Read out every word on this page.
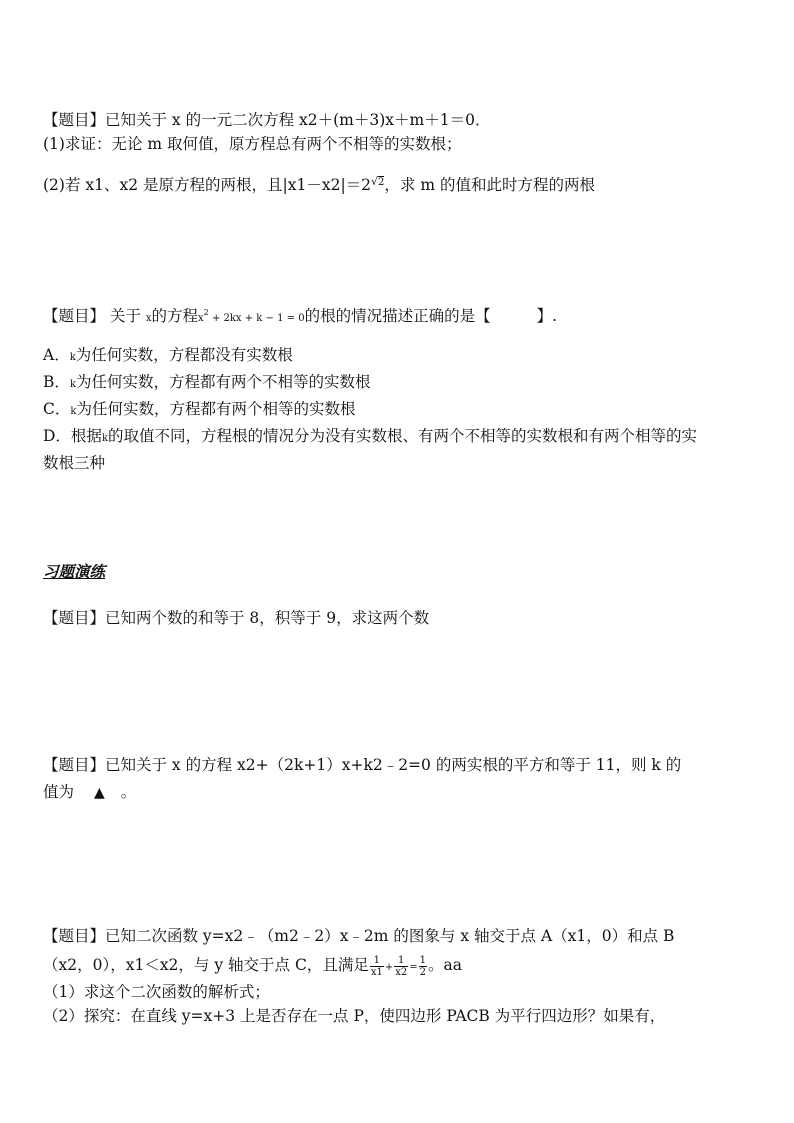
【题目】已知关于 x 的一元二次方程 x2＋(m＋3)x＋m＋1＝0．
(1)求证：无论 m 取何值，原方程总有两个不相等的实数根；
(2)若 x1、x2 是原方程的两根，且$|x1-x2|=2^{√2}$，求 m 的值和此时方程的两根
【题目】 关于 x的方程$x^2 + 2kx + k - 1 = 0$的根的情况描述正确的是【	】.
A．k为任何实数，方程都没有实数根
B．k为任何实数，方程都有两个不相等的实数根
C．k为任何实数，方程都有两个相等的实数根
D．根据k的取值不同，方程根的情况分为没有实数根、有两个不相等的实数根和有两个相等的实
数根三种
习题演练
【题目】已知两个数的和等于 8，积等于 9，求这两个数
【题目】已知关于 x 的方程 x2+（2k+1）x+k2﹣2=0 的两实根的平方和等于 11，则 k 的
值为 ▲ 。
【题目】已知二次函数 y=x2﹣（m2﹣2）x﹣2m 的图象与 x 轴交于点 A（x1，0）和点 B
（x2，0），x1＜x2，与 y 轴交于点 C，且满足 $\frac{1}{x1} + \frac{1}{x2} = \frac{1}{2}$ 。aa
（1）求这个二次函数的解析式；
（2）探究：在直线 y=x+3 上是否存在一点 P，使四边形 PACB 为平行四边形？如果有，
